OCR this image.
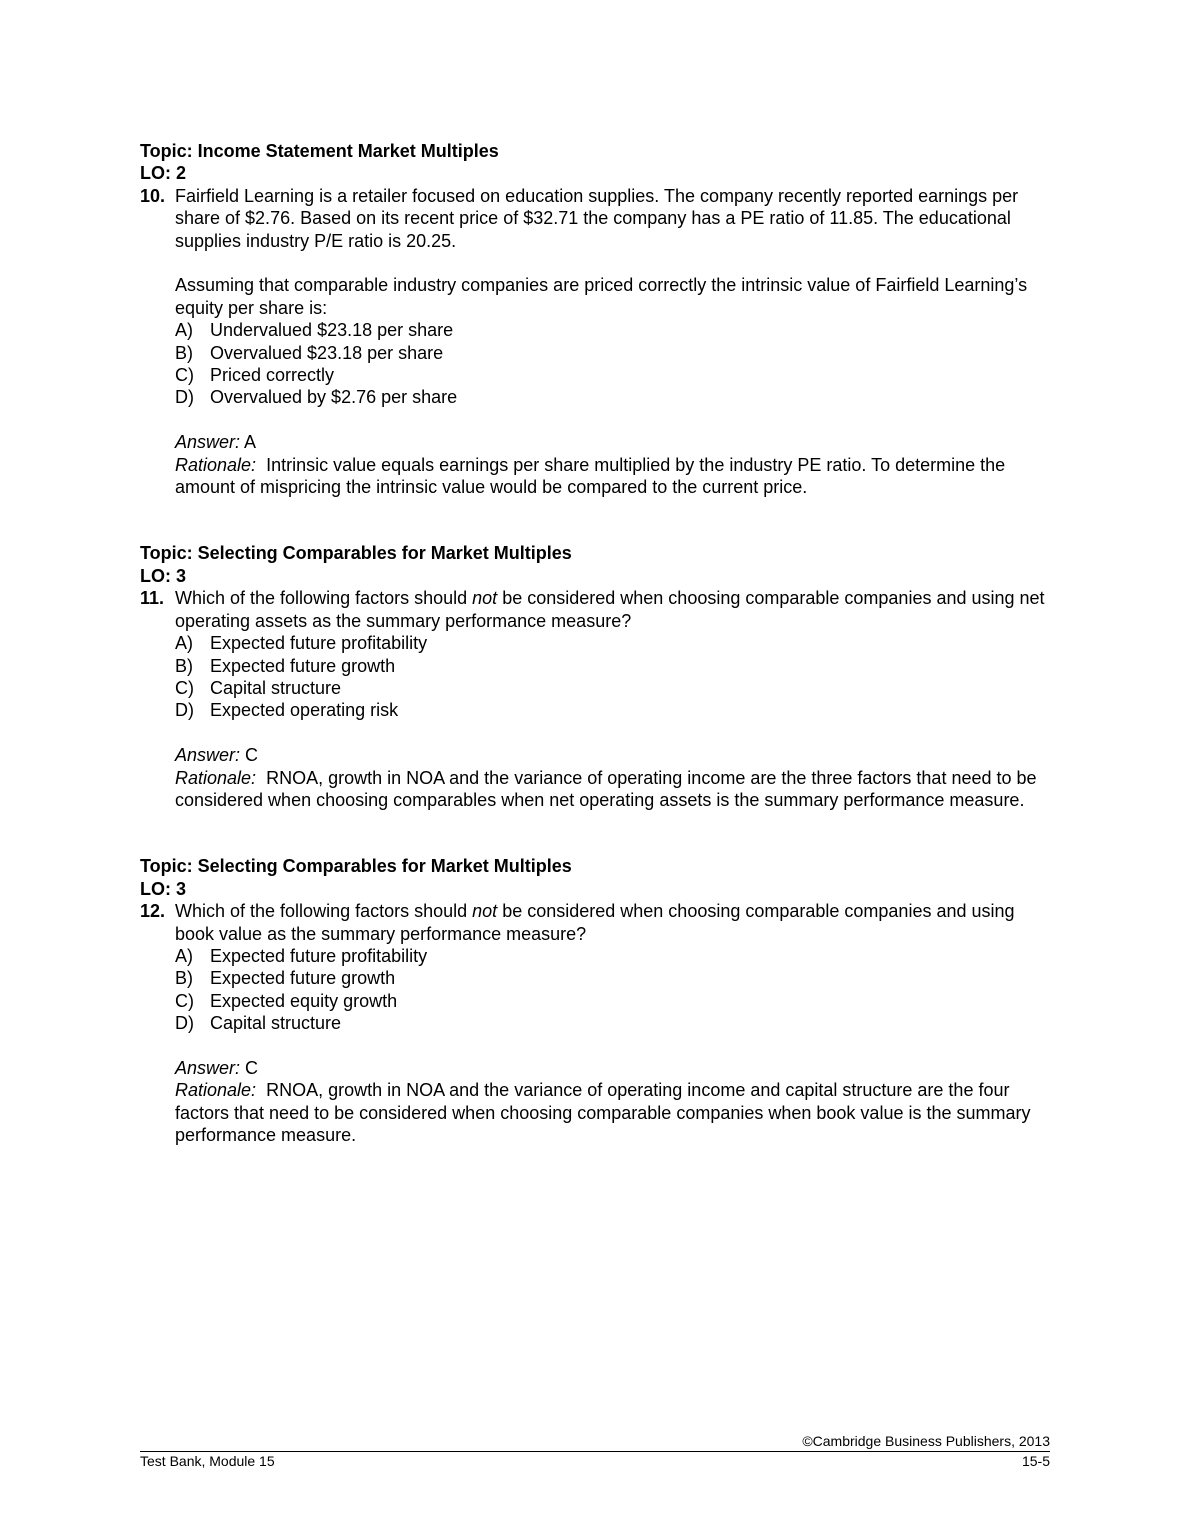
Topic: Income Statement Market Multiples

LO: 2

10. Fairfield Learning is a retailer focused on education supplies. The company recently reported earnings per share of $2.76. Based on its recent price of $32.71 the company has a PE ratio of 11.85. The educational supplies industry P/E ratio is 20.25.

Assuming that comparable industry companies are priced correctly the intrinsic value of Fairfield Learning’s equity per share is:

A) Undervalued $23.18 per share
B) Overvalued $23.18 per share
C) Priced correctly
D) Overvalued by $2.76 per share

Answer: A

Rationale: Intrinsic value equals earnings per share multiplied by the industry PE ratio. To determine the amount of mispricing the intrinsic value would be compared to the current price.

Topic: Selecting Comparables for Market Multiples

LO: 3

11. Which of the following factors should not be considered when choosing comparable companies and using net operating assets as the summary performance measure?

A) Expected future profitability
B) Expected future growth
C) Capital structure
D) Expected operating risk

Answer: C

Rationale: RNOA, growth in NOA and the variance of operating income are the three factors that need to be considered when choosing comparables when net operating assets is the summary performance measure.

Topic: Selecting Comparables for Market Multiples

LO: 3

12. Which of the following factors should not be considered when choosing comparable companies and using book value as the summary performance measure?

A) Expected future profitability
B) Expected future growth
C) Expected equity growth
D) Capital structure

Answer: C

Rationale: RNOA, growth in NOA and the variance of operating income and capital structure are the four factors that need to be considered when choosing comparable companies when book value is the summary performance measure.

©Cambridge Business Publishers, 2013
Test Bank, Module 15	15-5
